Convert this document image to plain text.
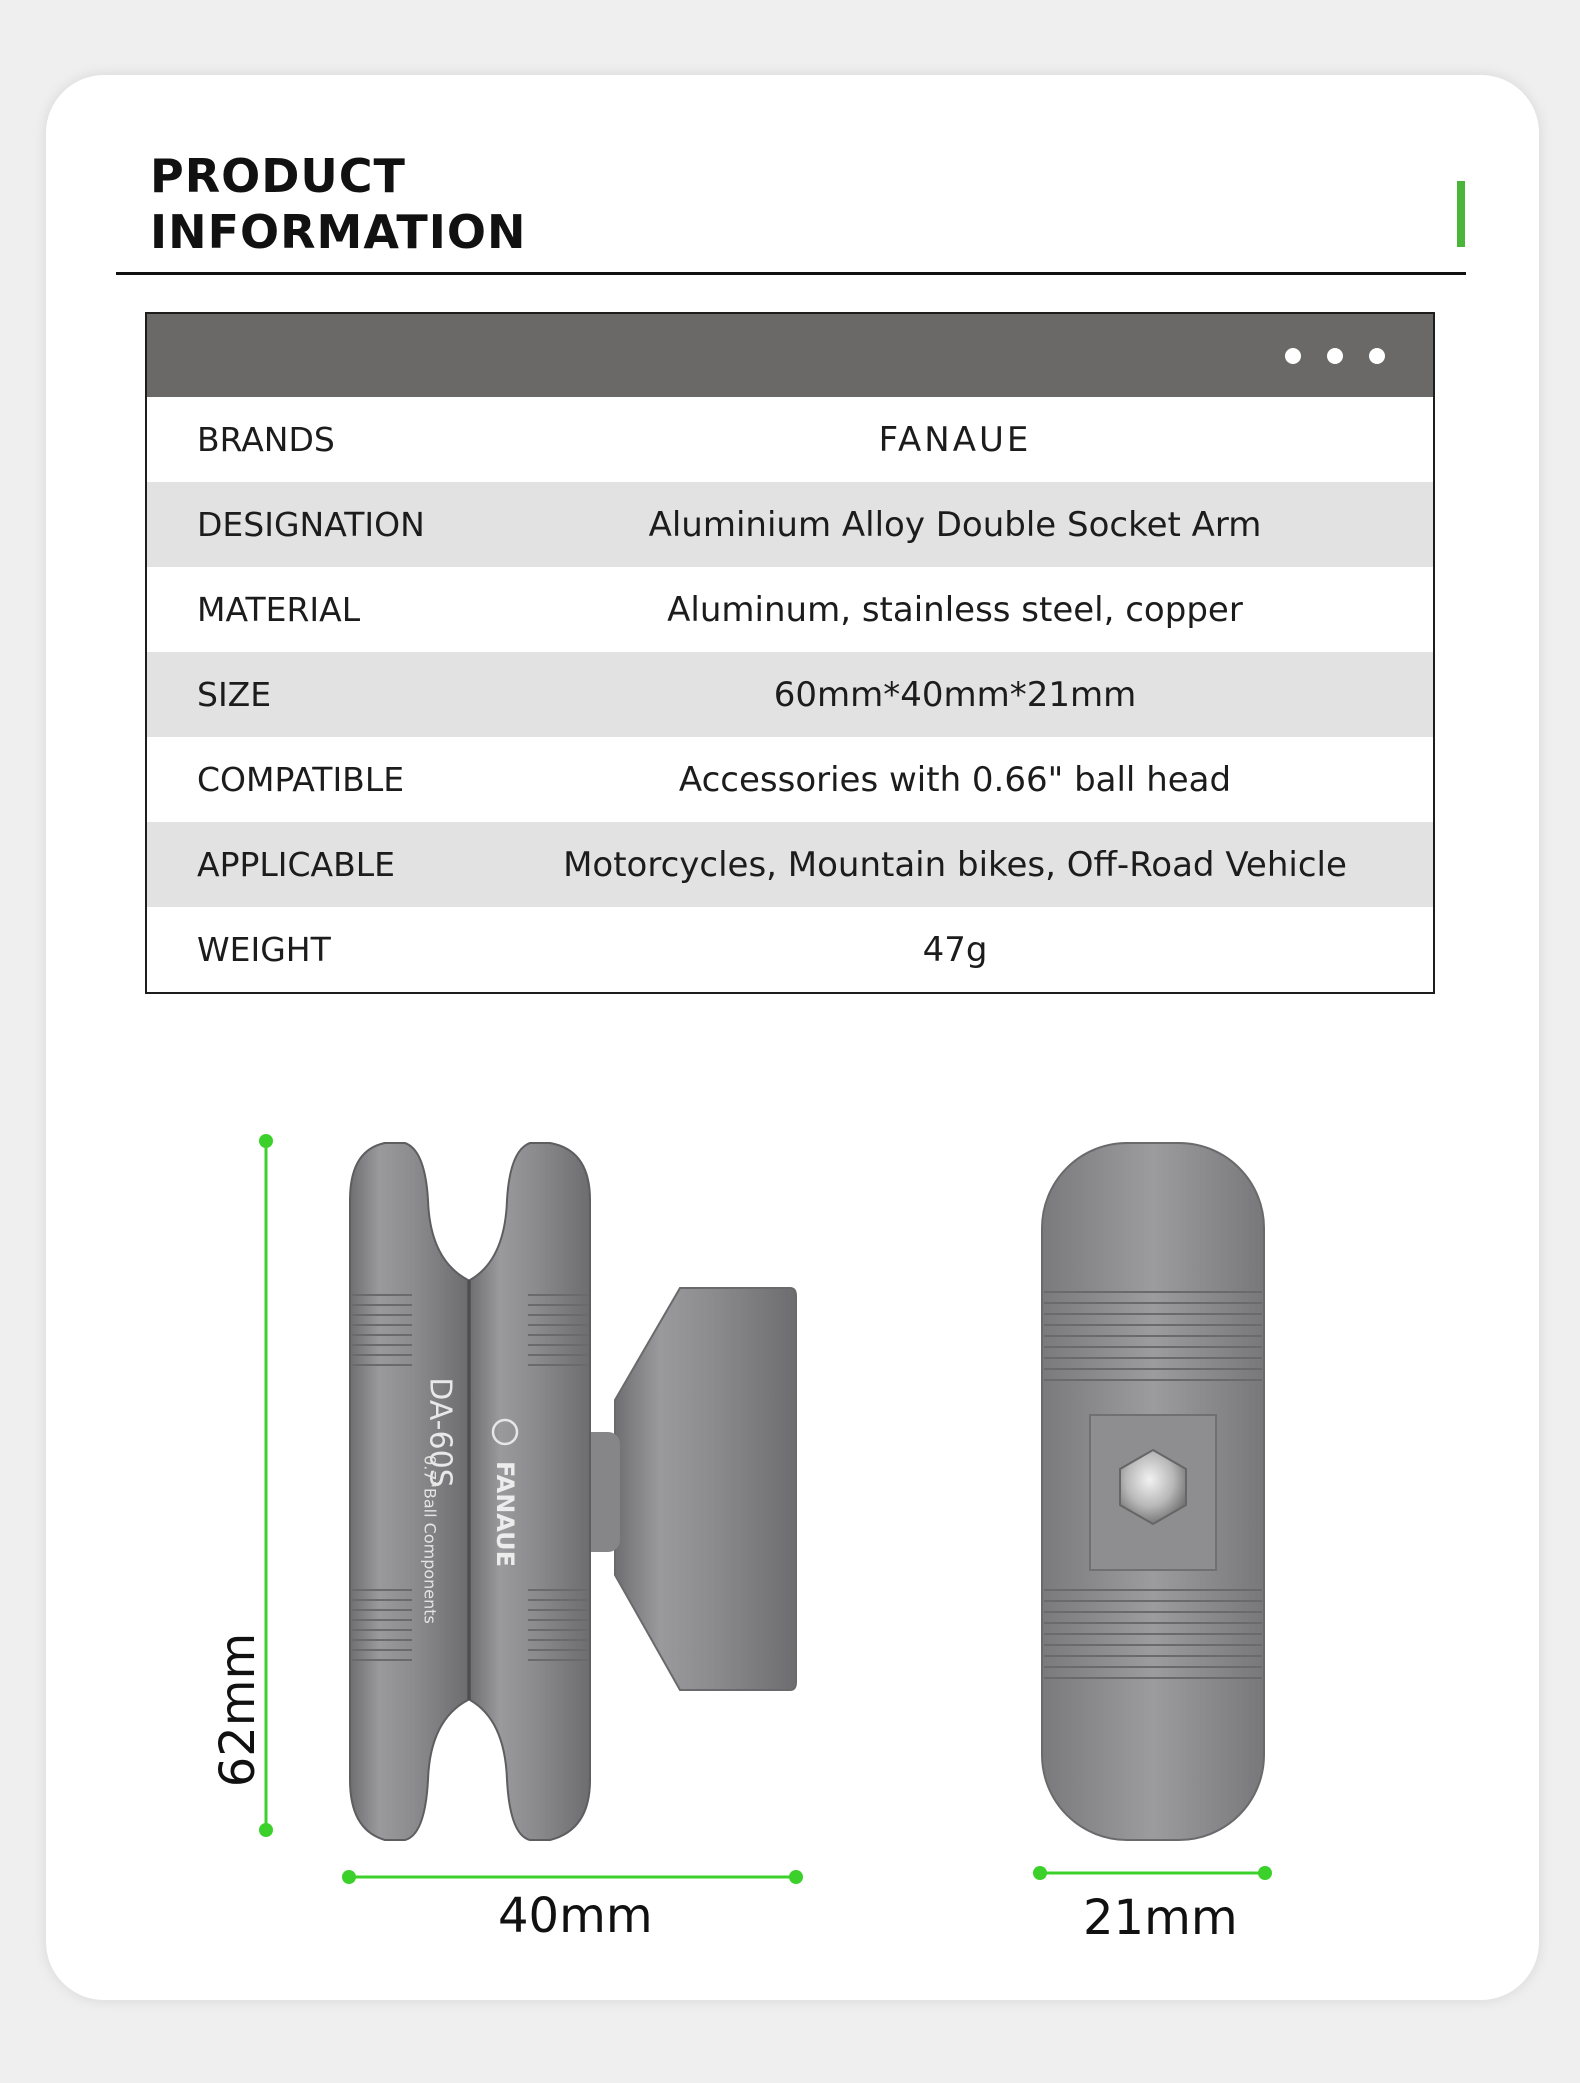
PRODUCT
INFORMATION
BRANDS	FANAUE
DESIGNATION	Aluminium Alloy Double Socket Arm
MATERIAL	Aluminum, stainless steel, copper
SIZE	60mm*40mm*21mm
COMPATIBLE	Accessories with 0.66" ball head
APPLICABLE	Motorcycles, Mountain bikes, Off-Road Vehicle
WEIGHT	47g
DA-60S
FANAUE
0.7"Ball Components
62mm
40mm	21mm
